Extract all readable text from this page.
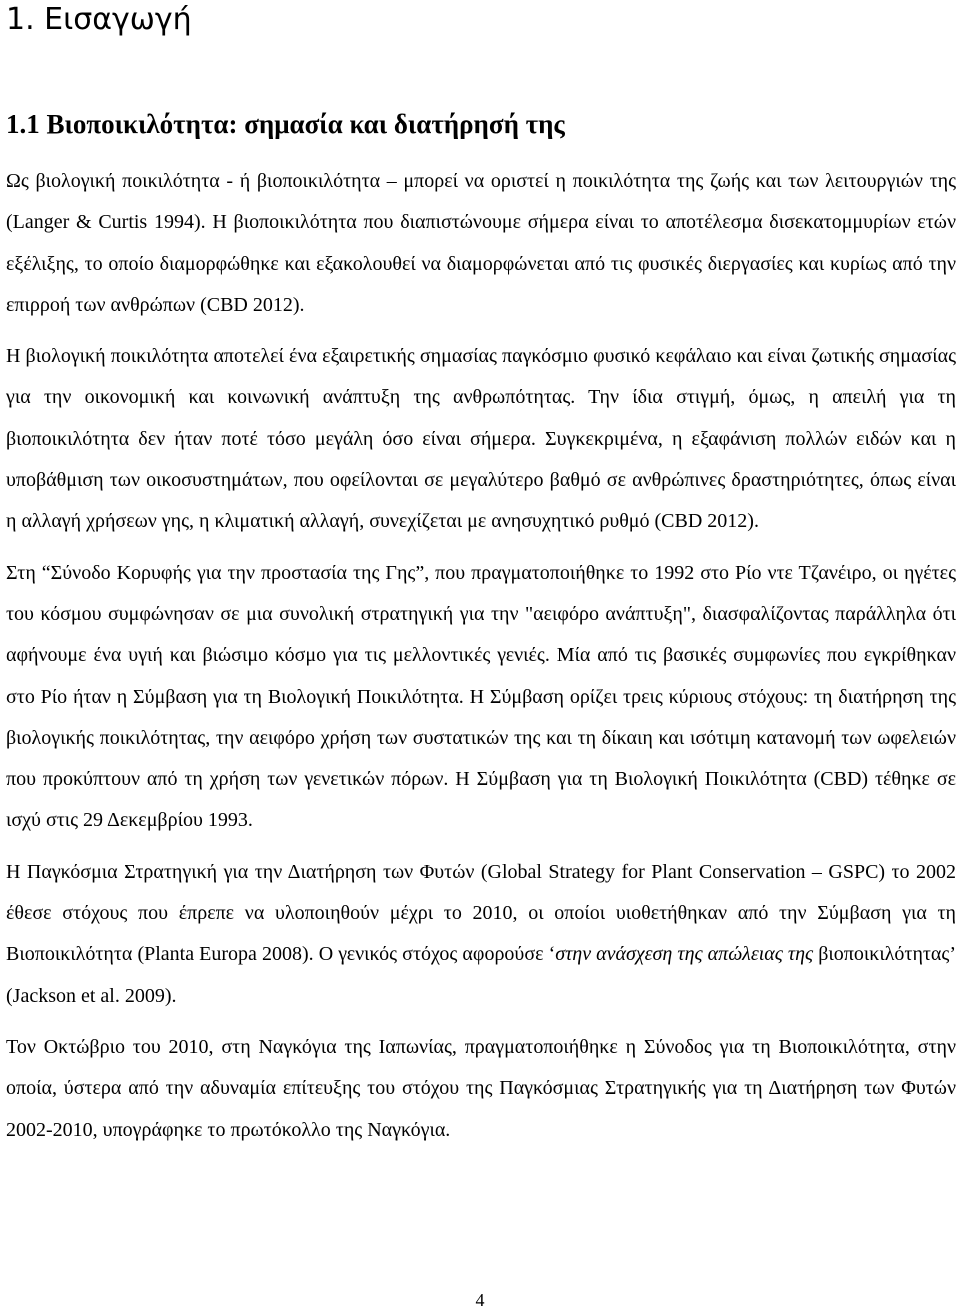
1. Εισαγωγή
1.1 Βιοποικιλότητα: σημασία και διατήρησή της

Ως βιολογική ποικιλότητα - ή βιοποικιλότητα – μπορεί να οριστεί η ποικιλότητα της ζωής και των λειτουργιών της (Langer & Curtis 1994). Η βιοποικιλότητα που διαπιστώνουμε σήμερα είναι το αποτέλεσμα δισεκατομμυρίων ετών εξέλιξης, το οποίο διαμορφώθηκε και εξακολουθεί να διαμορφώνεται από τις φυσικές διεργασίες και κυρίως από την επιρροή των ανθρώπων (CBD 2012).

Η βιολογική ποικιλότητα αποτελεί ένα εξαιρετικής σημασίας παγκόσμιο φυσικό κεφάλαιο και είναι ζωτικής σημασίας για την οικονομική και κοινωνική ανάπτυξη της ανθρωπότητας. Την ίδια στιγμή, όμως, η απειλή για τη βιοποικιλότητα δεν ήταν ποτέ τόσο μεγάλη όσο είναι σήμερα. Συγκεκριμένα, η εξαφάνιση πολλών ειδών και η υποβάθμιση των οικοσυστημάτων, που οφείλονται σε μεγαλύτερο βαθμό σε ανθρώπινες δραστηριότητες, όπως είναι η αλλαγή χρήσεων γης, η κλιματική αλλαγή, συνεχίζεται με ανησυχητικό ρυθμό (CBD 2012).

Στη “Σύνοδο Κορυφής για την προστασία της Γης”, που πραγματοποιήθηκε το 1992 στο Ρίο ντε Τζανέιρο, οι ηγέτες του κόσμου συμφώνησαν σε μια συνολική στρατηγική για την "αειφόρο ανάπτυξη", διασφαλίζοντας παράλληλα ότι αφήνουμε ένα υγιή και βιώσιμο κόσμο για τις μελλοντικές γενιές. Μία από τις βασικές συμφωνίες που εγκρίθηκαν στο Ρίο ήταν η Σύμβαση για τη Βιολογική Ποικιλότητα. Η Σύμβαση ορίζει τρεις κύριους στόχους: τη διατήρηση της βιολογικής ποικιλότητας, την αειφόρο χρήση των συστατικών της και τη δίκαιη και ισότιμη κατανομή των ωφελειών που προκύπτουν από τη χρήση των γενετικών πόρων. Η Σύμβαση για τη Βιολογική Ποικιλότητα (CBD) τέθηκε σε ισχύ στις 29 Δεκεμβρίου 1993.

Η Παγκόσμια Στρατηγική για την Διατήρηση των Φυτών (Global Strategy for Plant Conservation – GSPC) το 2002 έθεσε στόχους που έπρεπε να υλοποιηθούν μέχρι το 2010, οι οποίοι υιοθετήθηκαν από την Σύμβαση για τη Βιοποικιλότητα (Planta Europa 2008). Ο γενικός στόχος αφορούσε ‘στην ανάσχεση της απώλειας της βιοποικιλότητας’ (Jackson et al. 2009).

Τον Οκτώβριο του 2010, στη Ναγκόγια της Ιαπωνίας, πραγματοποιήθηκε η Σύνοδος για τη Βιοποικιλότητα, στην οποία, ύστερα από την αδυναμία επίτευξης του στόχου της Παγκόσμιας Στρατηγικής για τη Διατήρηση των Φυτών 2002-2010, υπογράφηκε το πρωτόκολλο της Ναγκόγια.

4
